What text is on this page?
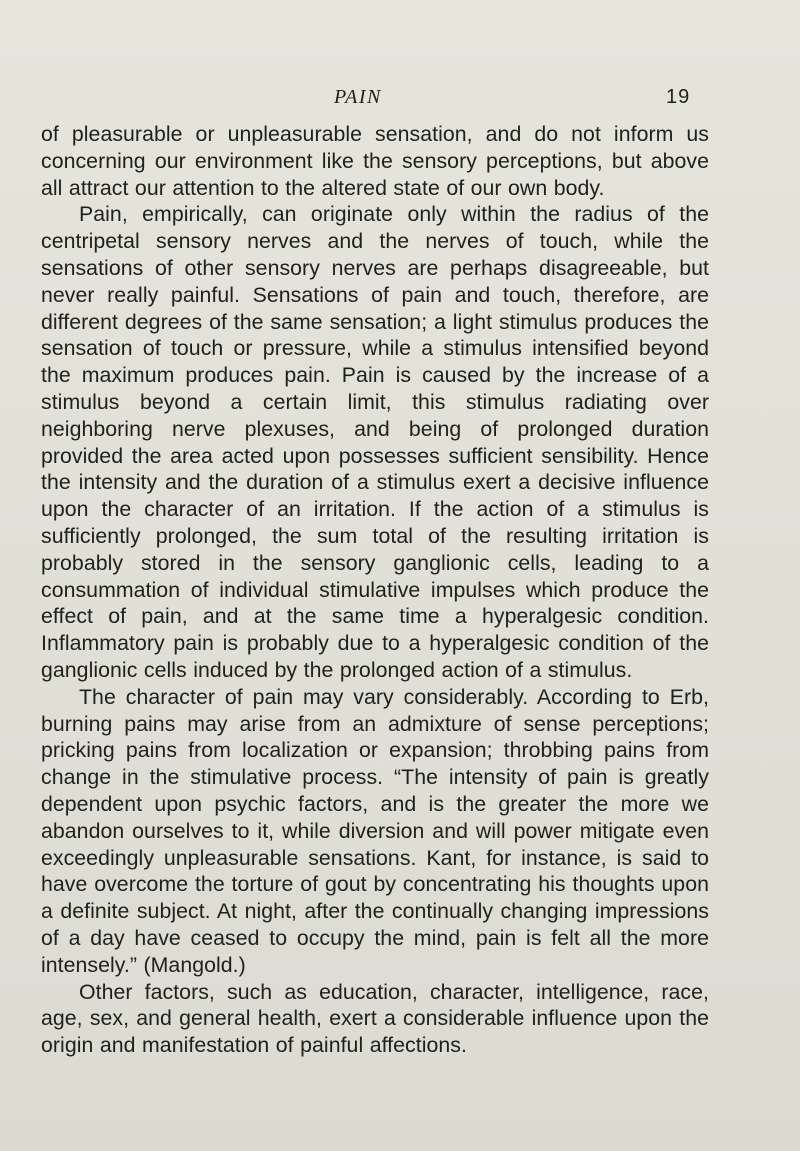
PAIN	19

of pleasurable or unpleasurable sensation, and do not inform us concerning our environment like the sensory perceptions, but above all attract our attention to the altered state of our own body.

Pain, empirically, can originate only within the radius of the centripetal sensory nerves and the nerves of touch, while the sensations of other sensory nerves are perhaps disagreeable, but never really painful. Sensations of pain and touch, therefore, are different degrees of the same sensation; a light stimulus produces the sensation of touch or pressure, while a stimulus intensified beyond the maximum produces pain. Pain is caused by the increase of a stimulus beyond a certain limit, this stimulus radiating over neighboring nerve plexuses, and being of prolonged duration provided the area acted upon possesses sufficient sensibility. Hence the intensity and the duration of a stimulus exert a decisive influence upon the character of an irritation. If the action of a stimulus is sufficiently prolonged, the sum total of the resulting irritation is probably stored in the sensory ganglionic cells, leading to a consummation of individual stimulative impulses which produce the effect of pain, and at the same time a hyperalgesic condition. Inflammatory pain is probably due to a hyperalgesic condition of the ganglionic cells induced by the prolonged action of a stimulus.

The character of pain may vary considerably. According to Erb, burning pains may arise from an admixture of sense perceptions; pricking pains from localization or expansion; throbbing pains from change in the stimulative process. “The intensity of pain is greatly dependent upon psychic factors, and is the greater the more we abandon ourselves to it, while diversion and will power mitigate even exceedingly unpleasurable sensations. Kant, for instance, is said to have overcome the torture of gout by concentrating his thoughts upon a definite subject. At night, after the continually changing impressions of a day have ceased to occupy the mind, pain is felt all the more intensely.” (Mangold.)

Other factors, such as education, character, intelligence, race, age, sex, and general health, exert a considerable influence upon the origin and manifestation of painful affections.
